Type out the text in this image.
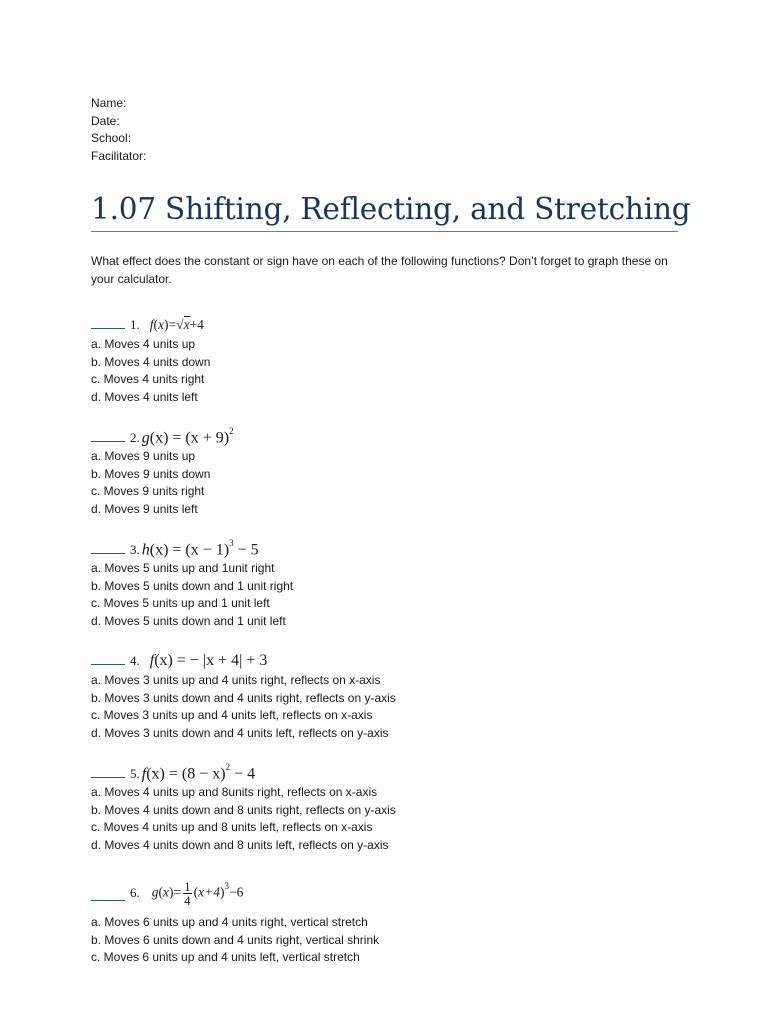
Name:
Date:
School:
Facilitator:
1.07 Shifting, Reflecting, and Stretching
What effect does the constant or sign have on each of the following functions? Don’t forget to graph these on your calculator.
1. f(x)=√x+4
a. Moves 4 units up
b. Moves 4 units down
c. Moves 4 units right
d. Moves 4 units left
2. $g(x) = (x + 9)^2$
a. Moves 9 units up
b. Moves 9 units down
c. Moves 9 units right
d. Moves 9 units left
3. $h(x) = (x - 1)^3 - 5$
a. Moves 5 units up and 1unit right
b. Moves 5 units down and 1 unit right
c. Moves 5 units up and 1 unit left
d. Moves 5 units down and 1 unit left
4. f(x) = − |x + 4| + 3
a. Moves 3 units up and 4 units right, reflects on x-axis
b. Moves 3 units down and 4 units right, reflects on y-axis
c. Moves 3 units up and 4 units left, reflects on x-axis
d. Moves 3 units down and 4 units left, reflects on y-axis
5. $f(x) = (8 - x)^2 - 4$
a. Moves 4 units up and 8units right, reflects on x-axis
b. Moves 4 units down and 8 units right, reflects on y-axis
c. Moves 4 units up and 8 units left, reflects on x-axis
d. Moves 4 units down and 8 units left, reflects on y-axis
6. $g(x)= \frac{1}{4} (x+4)^3-6$
a. Moves 6 units up and 4 units right, vertical stretch
b. Moves 6 units down and 4 units right, vertical shrink
c. Moves 6 units up and 4 units left, vertical stretch
